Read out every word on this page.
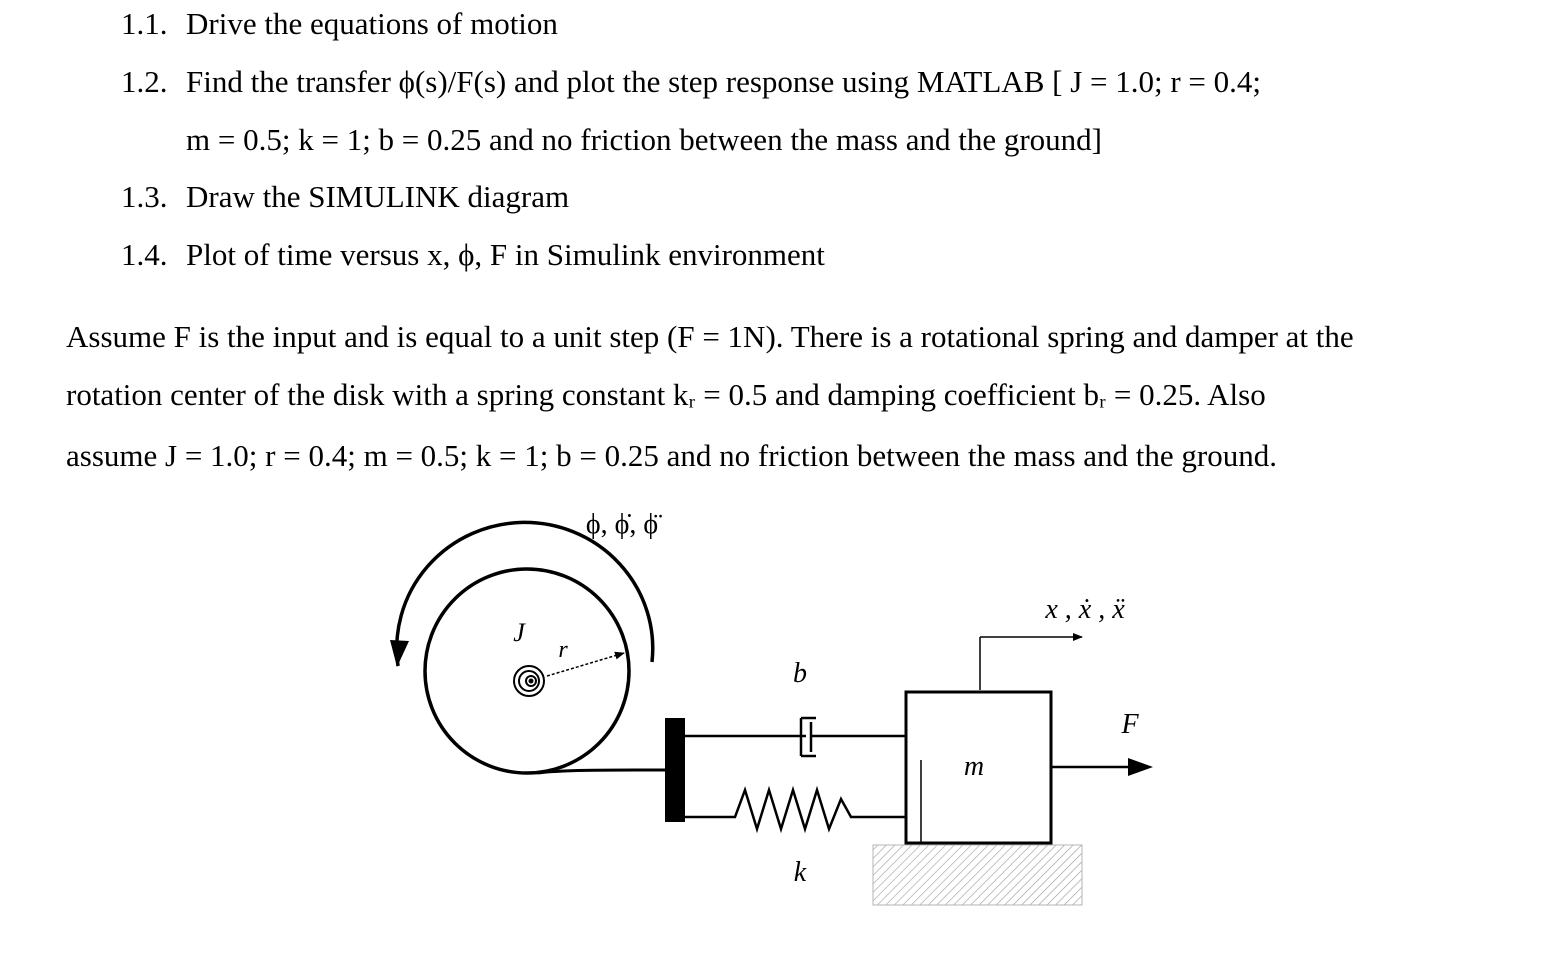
1.1. Drive the equations of motion
1.2. Find the transfer ϕ(s)/F(s) and plot the step response using MATLAB [ J = 1.0; r = 0.4;
m = 0.5; k = 1; b = 0.25 and no friction between the mass and the ground]
1.3. Draw the SIMULINK diagram
1.4. Plot of time versus x, ϕ, F in Simulink environment
Assume F is the input and is equal to a unit step (F = 1N). There is a rotational spring and damper at the
rotation center of the disk with a spring constant kᵣ = 0.5 and damping coefficient bᵣ = 0.25. Also
assume J = 1.0; r = 0.4; m = 0.5; k = 1; b = 0.25 and no friction between the mass and the ground.
ϕ, ϕ̇, ϕ̈
J
r
b
k
m
x , ẋ , ẍ
F
